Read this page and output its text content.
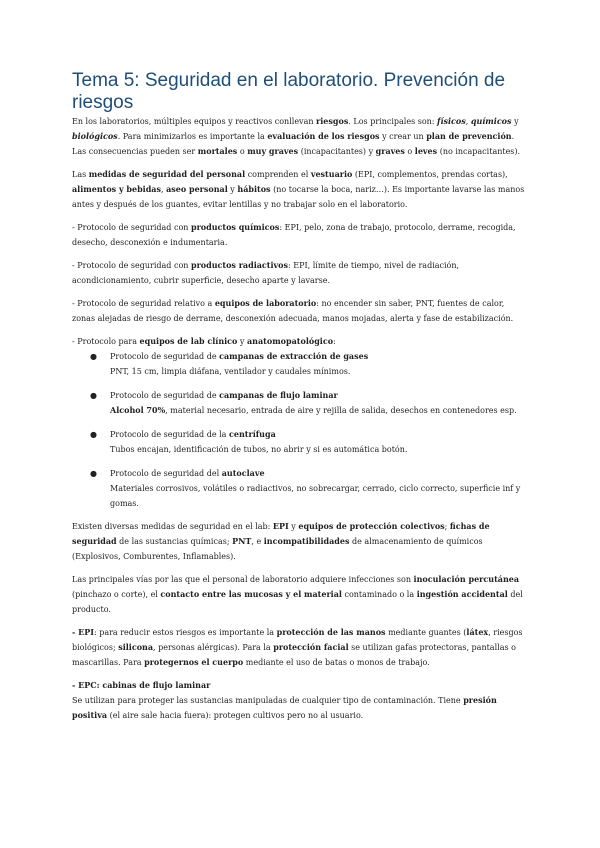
Tema 5: Seguridad en el laboratorio. Prevención de riesgos

En los laboratorios, múltiples equipos y reactivos conllevan riesgos. Los principales son: físicos, químicos y biológicos. Para minimizarlos es importante la evaluación de los riesgos y crear un plan de prevención. Las consecuencias pueden ser mortales o muy graves (incapacitantes) y graves o leves (no incapacitantes).

Las medidas de seguridad del personal comprenden el vestuario (EPI, complementos, prendas cortas), alimentos y bebidas, aseo personal y hábitos (no tocarse la boca, nariz…). Es importante lavarse las manos antes y después de los guantes, evitar lentillas y no trabajar solo en el laboratorio.

- Protocolo de seguridad con productos químicos: EPI, pelo, zona de trabajo, protocolo, derrame, recogida, desecho, desconexión e indumentaria.

- Protocolo de seguridad con productos radiactivos: EPI, límite de tiempo, nivel de radiación, acondicionamiento, cubrir superficie, desecho aparte y lavarse.

- Protocolo de seguridad relativo a equipos de laboratorio: no encender sin saber, PNT, fuentes de calor, zonas alejadas de riesgo de derrame, desconexión adecuada, manos mojadas, alerta y fase de estabilización.

- Protocolo para equipos de lab clínico y anatomopatológico:

● Protocolo de seguridad de campanas de extracción de gases
PNT, 15 cm, limpia diáfana, ventilador y caudales mínimos.
● Protocolo de seguridad de campanas de flujo laminar
Alcohol 70%, material necesario, entrada de aire y rejilla de salida, desechos en contenedores esp.
● Protocolo de seguridad de la centrífuga
Tubos encajan, identificación de tubos, no abrir y si es automática botón.
● Protocolo de seguridad del autoclave
Materiales corrosivos, volátiles o radiactivos, no sobrecargar, cerrado, ciclo correcto, superficie inf y gomas.

Existen diversas medidas de seguridad en el lab: EPI y equipos de protección colectivos; fichas de seguridad de las sustancias químicas; PNT, e incompatibilidades de almacenamiento de químicos (Explosivos, Comburentes, Inflamables).

Las principales vías por las que el personal de laboratorio adquiere infecciones son inoculación percutánea (pinchazo o corte), el contacto entre las mucosas y el material contaminado o la ingestión accidental del producto.

- EPI: para reducir estos riesgos es importante la protección de las manos mediante guantes (látex, riesgos biológicos; silicona, personas alérgicas). Para la protección facial se utilizan gafas protectoras, pantallas o mascarillas. Para protegernos el cuerpo mediante el uso de batas o monos de trabajo.

- EPC: cabinas de flujo laminar

Se utilizan para proteger las sustancias manipuladas de cualquier tipo de contaminación. Tiene presión positiva (el aire sale hacia fuera): protegen cultivos pero no al usuario.
